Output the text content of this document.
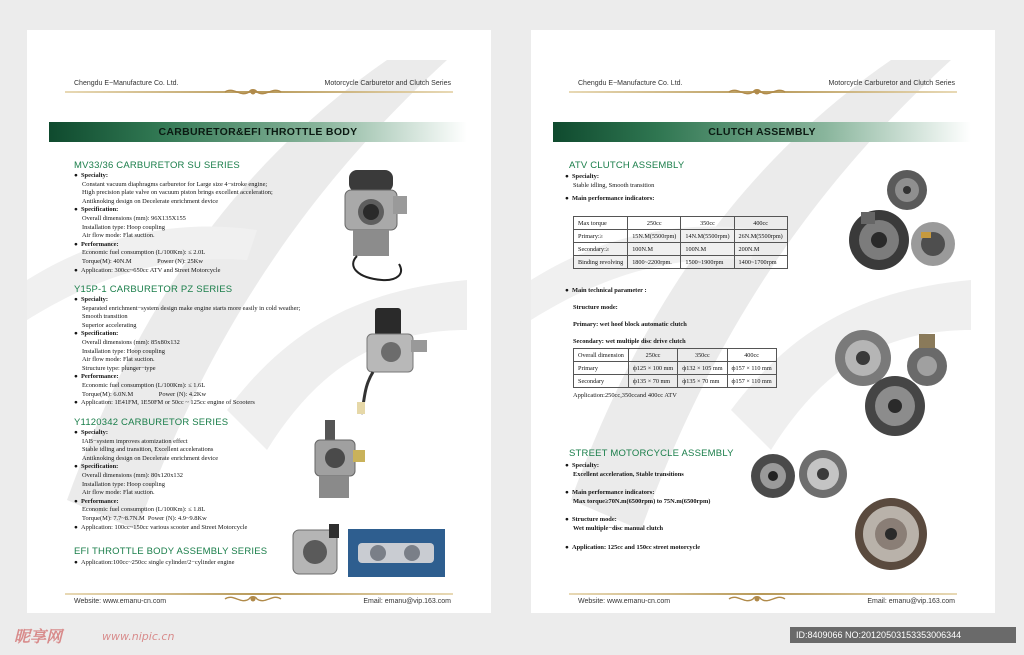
Chengdu E−Manufacture Co. Ltd.	Motorcycle Carburetor and Clutch Series
CARBURETOR&EFI THROTTLE BODY
MV33/36 CARBURETOR SU SERIES
● Specialty:
Constant vacuum diaphragms carburetor for Large size 4−stroke engine;
High precision plate valve on vacuum piston brings excellent acceleration;
Antiknoking design on Decelerate enrichment device
● Specification:
Overall dimensions (mm): 96X135X155
Installation type: Hoop coupling
Air flow mode: Flat suction.
● Performance:
Economic fuel consumption (L/100Km): ≤ 2.0L
Torque(M): 40N.M                Power (N): 25Kw
● Application: 300cc~650cc ATV and Street Motorcycle
Y15P-1 CARBURETOR PZ SERIES
● Specialty:
Separated enrichment−system design make engine starts more easily in cold weather;
Smooth transition
Superior accelerating
● Specification:
Overall dimensions (mm): 85x80x132
Installation type: Hoop coupling
Air flow mode: Flat suction.
Structure type: plunger−type
● Performance:
Economic fuel consumption (L/100Km): ≤ 1.6L
Torque(M): 6.0N.M                Power (N): 4.2Kw
● Application: 1E41FM, 1E50FM or 50cc ~ 125cc engine of Scooters
Y1120342 CARBURETOR SERIES
● Specialty:
IAB−system improves atomization effect
Stable idling and transition, Excellent accelerations
Antiknoking design on Decelerate enrichment device
● Specification:
Overall dimensions (mm): 80x120x132
Installation type: Hoop coupling
Air flow mode: Flat suction.
● Performance:
Economic fuel consumption (L/100Km): ≤ 1.8L
Torque(M): 7.7~8.7N.M  Power (N): 4.9~9.8Kw
● Application: 100cc~150cc various scooter and Street Motorcycle
EFI THROTTLE BODY ASSEMBLY SERIES
● Application:100cc~250cc single cylinder/2−cylinder engine
Website: www.emanu-cn.com	Email: emanu@vip.163.com
Chengdu E−Manufacture Co. Ltd.	Motorcycle Carburetor and Clutch Series
CLUTCH ASSEMBLY
ATV CLUTCH ASSEMBLY
● Specialty:
Stable idling, Smooth transition
● Main performance indicators:
Max torque	250cc	350cc	400cc
Primary:≥	15N.M(5500rpm)	14N.M(5500rpm)	26N.M(5500rpm)
Secondary:≥	100N.M	100N.M	200N.M
Binding revolving	1800~2200rpm.	1500~1900rpm	1400~1700rpm
● Main technical parameter :
Structure mode:
Primary: wet hoof block automatic clutch
Secondary: wet multiple disc drive clutch
Overall dimension	250cc	350cc	400cc
Primary	ф125 × 100 mm	ф132 × 105 mm	ф157 × 110 mm
Secondary	ф135 × 70 mm	ф135 × 70 mm	ф157 × 110 mm
Application:250cc,350ccand 400cc ATV
STREET MOTORCYCLE ASSEMBLY
● Specialty:
Excellent acceleration, Stable transitions
● Main performance indicators:
Max torque≥70N.m(6500rpm) to 75N.m(6500rpm)
● Structure mode:
Wet multiple−disc manual clutch
● Application: 125cc and 150cc street motorcycle
Website: www.emanu-cn.com	Email: emanu@vip.163.com
昵享网	www.nipic.cn	ID:8409066 NO:20120503153353006344
